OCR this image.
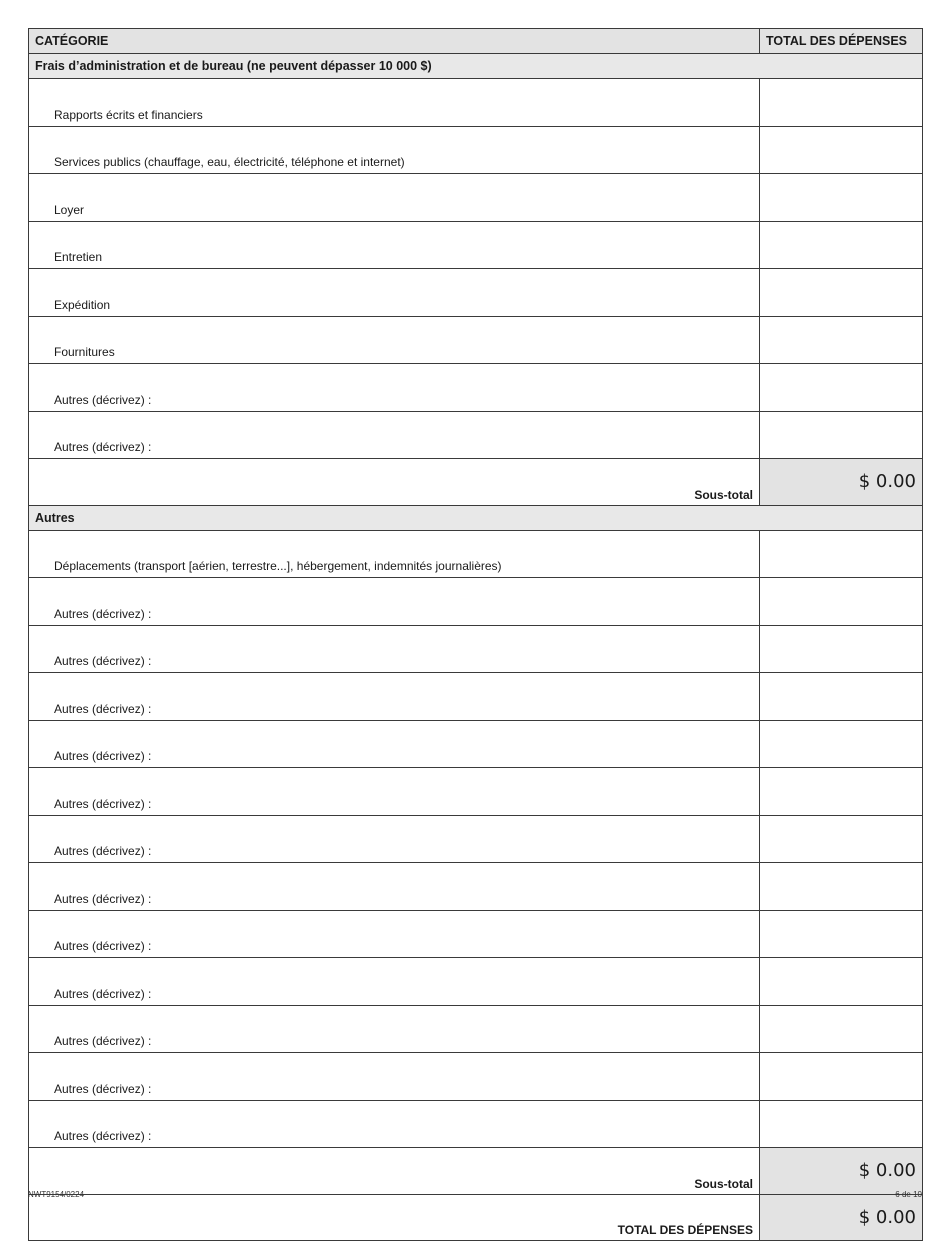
CATÉGORIE	TOTAL DES DÉPENSES
Frais d’administration et de bureau (ne peuvent dépasser 10 000 $)	
Rapports écrits et financiers	
Services publics (chauffage, eau, électricité, téléphone et internet)	
Loyer	
Entretien	
Expédition	
Fournitures	
Autres (décrivez) :	
Autres (décrivez) :	
Sous-total	$ 0.00
Autres	
Déplacements (transport [aérien, terrestre...], hébergement, indemnités journalières)	
Autres (décrivez) :	
Autres (décrivez) :	
Autres (décrivez) :	
Autres (décrivez) :	
Autres (décrivez) :	
Autres (décrivez) :	
Autres (décrivez) :	
Autres (décrivez) :	
Autres (décrivez) :	
Autres (décrivez) :	
Autres (décrivez) :	
Autres (décrivez) :	
Sous-total	$ 0.00
TOTAL DES DÉPENSES	$ 0.00
NWT9154/0224	6 de 10
